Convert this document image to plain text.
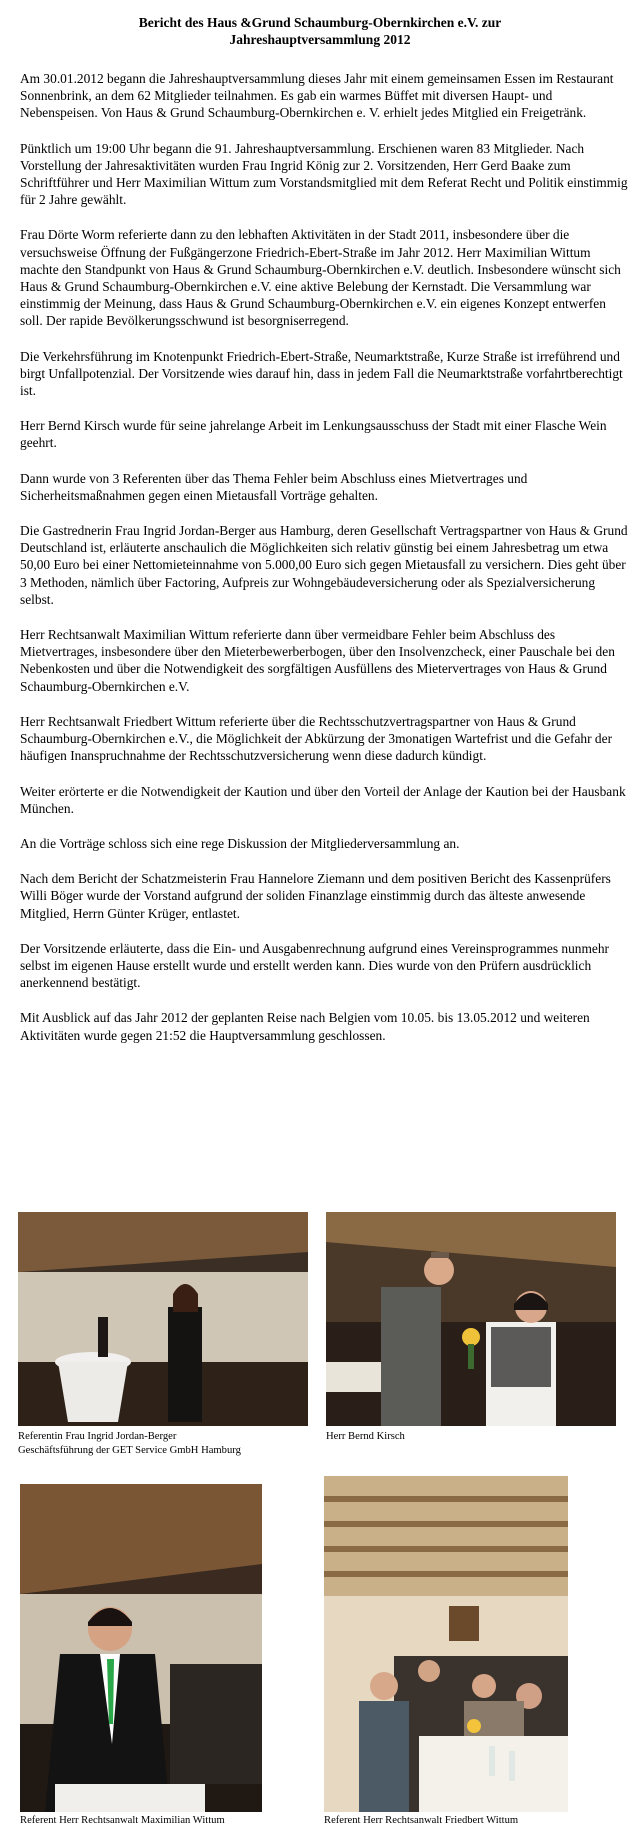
Bericht des Haus &Grund Schaumburg-Obernkirchen e.V. zur
Jahreshauptversammlung 2012

Am 30.01.2012 begann die Jahreshauptversammlung dieses Jahr mit einem gemeinsamen Essen im Restaurant Sonnenbrink, an dem 62 Mitglieder teilnahmen. Es gab ein warmes Büffet mit diversen Haupt- und Nebenspeisen. Von Haus & Grund Schaumburg-Obernkirchen e. V. erhielt jedes Mitglied ein Freigetränk.

Pünktlich um 19:00 Uhr begann die 91. Jahreshauptversammlung. Erschienen waren 83 Mitglieder. Nach Vorstellung der Jahresaktivitäten wurden Frau Ingrid König zur 2. Vorsitzenden, Herr Gerd Baake zum Schriftführer und Herr Maximilian Wittum zum Vorstandsmitglied mit dem Referat Recht und Politik einstimmig für 2 Jahre gewählt.

Frau Dörte Worm referierte dann zu den lebhaften Aktivitäten in der Stadt 2011, insbesondere über die versuchsweise Öffnung der Fußgängerzone Friedrich-Ebert-Straße im Jahr 2012. Herr Maximilian Wittum machte den Standpunkt von Haus & Grund Schaumburg-Obernkirchen e.V. deutlich. Insbesondere wünscht sich Haus & Grund Schaumburg-Obernkirchen e.V. eine aktive Belebung der Kernstadt. Die Versammlung war einstimmig der Meinung, dass Haus & Grund Schaumburg-Obernkirchen e.V. ein eigenes Konzept entwerfen soll. Der rapide Bevölkerungsschwund ist besorgniserregend.

Die Verkehrsführung im Knotenpunkt Friedrich-Ebert-Straße, Neumarktstraße, Kurze Straße ist irreführend und birgt Unfallpotenzial. Der Vorsitzende wies darauf hin, dass in jedem Fall die Neumarktstraße vorfahrtberechtigt ist.

Herr Bernd Kirsch wurde für seine jahrelange Arbeit im Lenkungsausschuss der Stadt mit einer Flasche Wein geehrt.

Dann wurde von 3 Referenten über das Thema Fehler beim Abschluss eines Mietvertrages und Sicherheitsmaßnahmen gegen einen Mietausfall Vorträge gehalten.

Die Gastrednerin Frau Ingrid Jordan-Berger aus Hamburg, deren Gesellschaft Vertragspartner von Haus & Grund Deutschland ist, erläuterte anschaulich die Möglichkeiten sich relativ günstig bei einem Jahresbetrag um etwa 50,00 Euro bei einer Nettomieteinnahme von 5.000,00 Euro sich gegen Mietausfall zu versichern. Dies geht über 3 Methoden, nämlich über Factoring, Aufpreis zur Wohngebäudeversicherung oder als Spezialversicherung selbst.

Herr Rechtsanwalt Maximilian Wittum referierte dann über vermeidbare Fehler beim Abschluss des Mietvertrages, insbesondere über den Mieterbewerberbogen, über den Insolvenzcheck, einer Pauschale bei den Nebenkosten und über die Notwendigkeit des sorgfältigen Ausfüllens des Mietervertrages von Haus & Grund Schaumburg-Obernkirchen e.V.

Herr Rechtsanwalt Friedbert Wittum referierte über die Rechtsschutzvertragspartner von Haus & Grund Schaumburg-Obernkirchen e.V., die Möglichkeit der Abkürzung der 3monatigen Wartefrist und die Gefahr der häufigen Inanspruchnahme der Rechtsschutzversicherung wenn diese dadurch kündigt.

Weiter erörterte er die Notwendigkeit der Kaution und über den Vorteil der Anlage der Kaution bei der Hausbank München.

An die Vorträge schloss sich eine rege Diskussion der Mitgliederversammlung an.

Nach dem Bericht der Schatzmeisterin Frau Hannelore Ziemann und dem positiven Bericht des Kassenprüfers Willi Böger wurde der Vorstand aufgrund der soliden Finanzlage einstimmig durch das älteste anwesende Mitglied, Herrn Günter Krüger, entlastet.

Der Vorsitzende erläuterte, dass die Ein- und Ausgabenrechnung aufgrund eines Vereinsprogrammes nunmehr selbst im eigenen Hause erstellt wurde und erstellt werden kann. Dies wurde von den Prüfern ausdrücklich anerkennend bestätigt.

Mit Ausblick auf das Jahr 2012 der geplanten Reise nach Belgien vom 10.05. bis 13.05.2012 und weiteren Aktivitäten wurde gegen 21:52 die Hauptversammlung geschlossen.

Referentin Frau Ingrid Jordan-Berger
Geschäftsführung der GET Service GmbH Hamburg

Herr Bernd Kirsch

Referent Herr Rechtsanwalt Maximilian Wittum	Referent Herr Rechtsanwalt Friedbert Wittum
